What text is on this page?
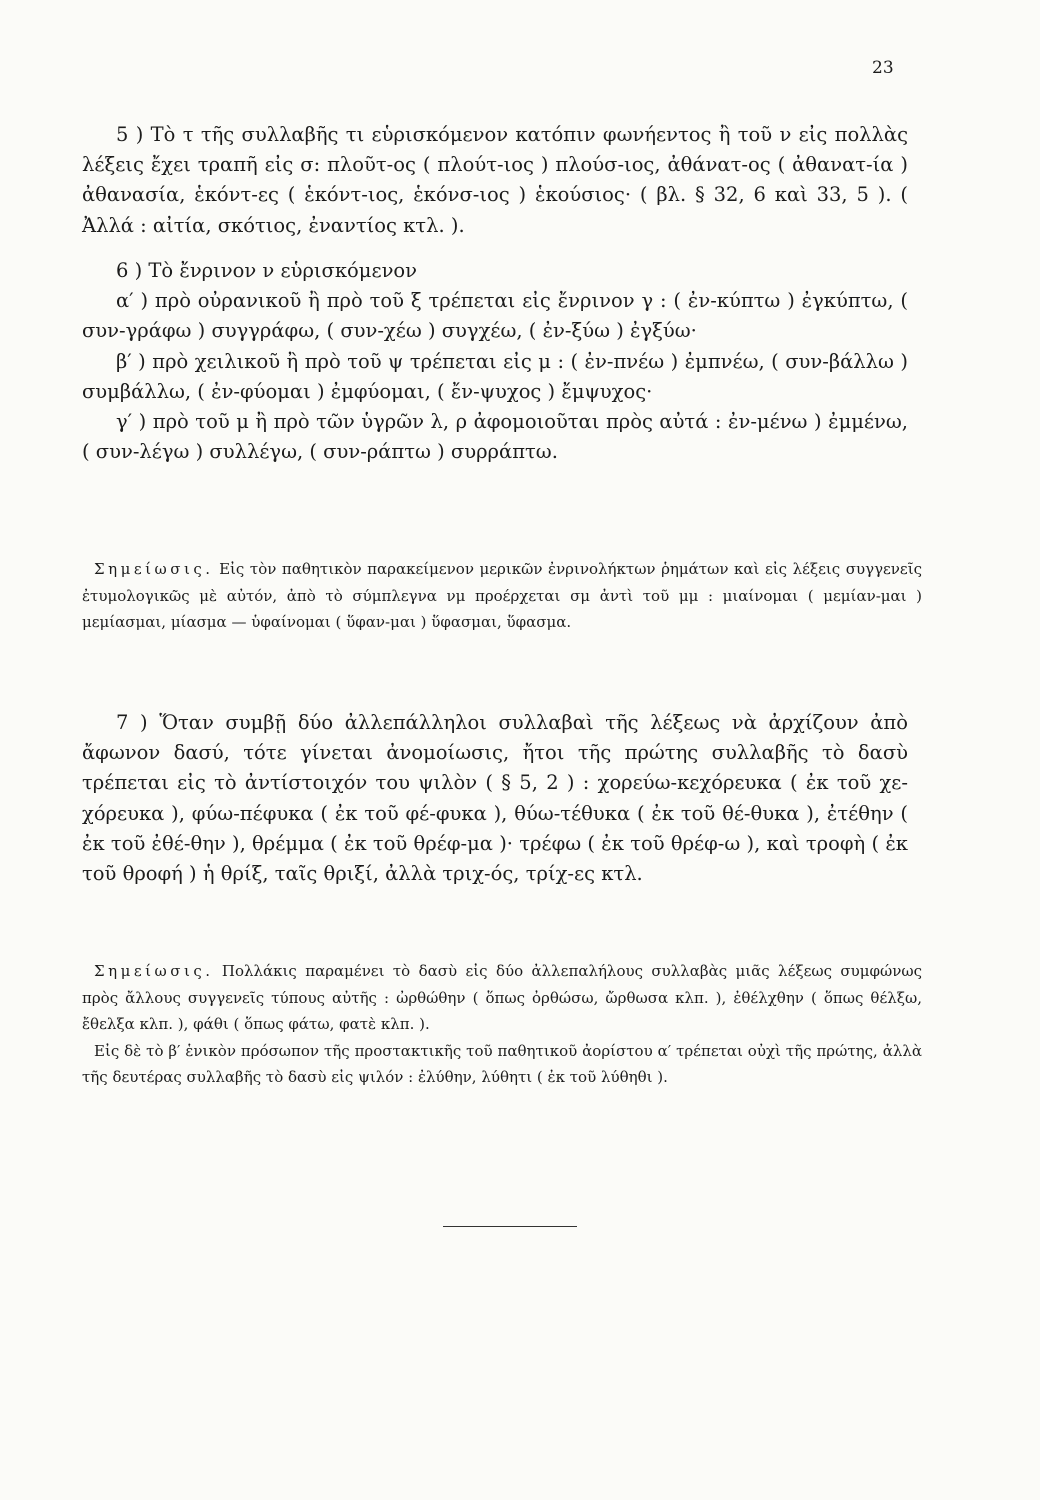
23

5 ) Τὸ τ τῆς συλλαβῆς τι εὑρισκόμενον κατόπιν φωνήεντος ἢ τοῦ ν εἰς πολλὰς λέξεις ἔχει τραπῆ εἰς σ: πλοῦτ-ος ( πλούτ-ιος ) πλούσ-ιος, ἀθάνατ-ος ( ἀθανατ-ία ) ἀθανασία, ἑκόντ-ες ( ἑκόντ-ιος, ἑκόνσ-ιος ) ἑκούσιος· ( βλ. § 32, 6 καὶ 33, 5 ). ( Ἀλλά : αἰτία, σκότιος, ἐναντίος κτλ. ).

6 ) Τὸ ἔνρινον ν εὑρισκόμενον

α′ ) πρὸ οὐρανικοῦ ἢ πρὸ τοῦ ξ τρέπεται εἰς ἔνρινον γ : ( ἐν-κύπτω ) ἐγκύπτω, ( συν-γράφω ) συγγράφω, ( συν-χέω ) συγχέω, ( ἐν-ξύω ) ἐγξύω·

β′ ) πρὸ χειλικοῦ ἢ πρὸ τοῦ ψ τρέπεται εἰς μ : ( ἐν-πνέω ) ἐμπνέω, ( συν-βάλλω ) συμβάλλω, ( ἐν-φύομαι ) ἐμφύομαι, ( ἔν-ψυχος ) ἔμψυχος·

γ′ ) πρὸ τοῦ μ ἢ πρὸ τῶν ὑγρῶν λ, ρ ἀφομοιοῦται πρὸς αὐτά : ἐν-μένω ) ἐμμένω, ( συν-λέγω ) συλλέγω, ( συν-ράπτω ) συρράπτω.

Σημείωσις. Εἰς τὸν παθητικὸν παρακείμενον μερικῶν ἐνρινολήκτων ῥημάτων καὶ εἰς λέξεις συγγενεῖς ἐτυμολογικῶς μὲ αὐτόν, ἀπὸ τὸ σύμπλεγνα νμ προέρχεται σμ ἀντὶ τοῦ μμ : μιαίνομαι ( μεμίαν-μαι ) μεμίασμαι, μίασμα — ὑφαίνομαι ( ὕφαν-μαι ) ὕφασμαι, ὕφασμα.

7 ) Ὅταν συμβῇ δύο ἀλλεπάλληλοι συλλαβαὶ τῆς λέξεως νὰ ἀρχίζουν ἀπὸ ἄφωνον δασύ, τότε γίνεται ἀνομοίωσις, ἤτοι τῆς πρώτης συλλαβῆς τὸ δασὺ τρέπεται εἰς τὸ ἀντίστοιχόν του ψιλὸν ( § 5, 2 ) : χορεύω-κεχόρευκα ( ἐκ τοῦ χε-χόρευκα ), φύω-πέφυκα ( ἐκ τοῦ φέ-φυκα ), θύω-τέθυκα ( ἐκ τοῦ θέ-θυκα ), ἐτέθην ( ἐκ τοῦ ἐθέ-θην ), θρέμμα ( ἐκ τοῦ θρέφ-μα )· τρέφω ( ἐκ τοῦ θρέφ-ω ), καὶ τροφὴ ( ἐκ τοῦ θροφή ) ἡ θρίξ, ταῖς θριξί, ἀλλὰ τριχ-ός, τρίχ-ες κτλ.

Σημείωσις. Πολλάκις παραμένει τὸ δασὺ εἰς δύο ἀλλεπαλήλους συλλαβὰς μιᾶς λέξεως συμφώνως πρὸς ἄλλους συγγενεῖς τύπους αὐτῆς : ὠρθώθην ( ὅπως ὀρθώσω, ὤρθωσα κλπ. ), ἐθέλχθην ( ὅπως θέλξω, ἔθελξα κλπ. ), φάθι ( ὅπως φάτω, φατὲ κλπ. ).

Εἰς δὲ τὸ β′ ἑνικὸν πρόσωπον τῆς προστακτικῆς τοῦ παθητικοῦ ἀορίστου α′ τρέπεται οὐχὶ τῆς πρώτης, ἀλλὰ τῆς δευτέρας συλλαβῆς τὸ δασὺ εἰς ψιλόν : ἐλύθην, λύθητι ( ἐκ τοῦ λύθηθι ).
